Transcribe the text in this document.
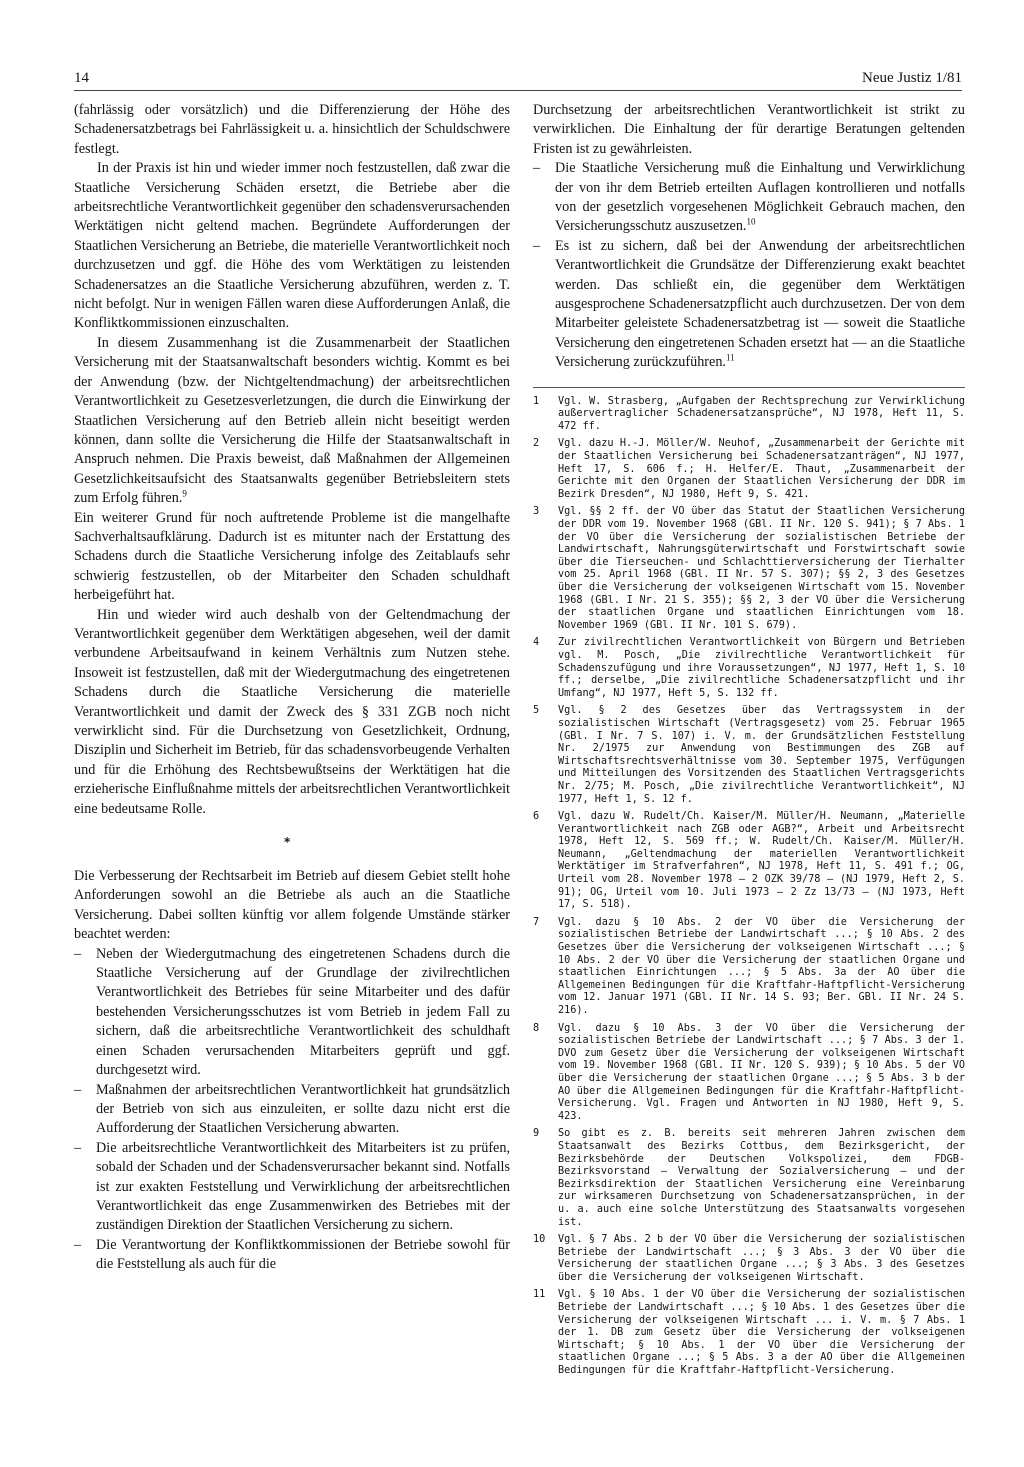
14	Neue Justiz 1/81

(fahrlässig oder vorsätzlich) und die Differenzierung der Höhe des Schadenersatzbetrags bei Fahrlässigkeit u. a. hinsichtlich der Schuldschwere festlegt.

In der Praxis ist hin und wieder immer noch festzustellen, daß zwar die Staatliche Versicherung Schäden ersetzt, die Betriebe aber die arbeitsrechtliche Verantwortlichkeit gegenüber den schadensverursachenden Werktätigen nicht geltend machen. Begründete Aufforderungen der Staatlichen Versicherung an Betriebe, die materielle Verantwortlichkeit noch durchzusetzen und ggf. die Höhe des vom Werktätigen zu leistenden Schadenersatzes an die Staatliche Versicherung abzuführen, werden z. T. nicht befolgt. Nur in wenigen Fällen waren diese Aufforderungen Anlaß, die Konfliktkommissionen einzuschalten.

In diesem Zusammenhang ist die Zusammenarbeit der Staatlichen Versicherung mit der Staatsanwaltschaft besonders wichtig. Kommt es bei der Anwendung (bzw. der Nichtgeltendmachung) der arbeitsrechtlichen Verantwortlichkeit zu Gesetzesverletzungen, die durch die Einwirkung der Staatlichen Versicherung auf den Betrieb allein nicht beseitigt werden können, dann sollte die Versicherung die Hilfe der Staatsanwaltschaft in Anspruch nehmen. Die Praxis beweist, daß Maßnahmen der Allgemeinen Gesetzlichkeitsaufsicht des Staatsanwalts gegenüber Betriebsleitern stets zum Erfolg führen.$^9$

Ein weiterer Grund für noch auftretende Probleme ist die mangelhafte Sachverhaltsaufklärung. Dadurch ist es mitunter nach der Erstattung des Schadens durch die Staatliche Versicherung infolge des Zeitablaufs sehr schwierig festzustellen, ob der Mitarbeiter den Schaden schuldhaft herbeigeführt hat.

Hin und wieder wird auch deshalb von der Geltendmachung der Verantwortlichkeit gegenüber dem Werktätigen abgesehen, weil der damit verbundene Arbeitsaufwand in keinem Verhältnis zum Nutzen stehe. Insoweit ist festzustellen, daß mit der Wiedergutmachung des eingetretenen Schadens durch die Staatliche Versicherung die materielle Verantwortlichkeit und damit der Zweck des § 331 ZGB noch nicht verwirklicht sind. Für die Durchsetzung von Gesetzlichkeit, Ordnung, Disziplin und Sicherheit im Betrieb, für das schadensvorbeugende Verhalten und für die Erhöhung des Rechtsbewußtseins der Werktätigen hat die erzieherische Einflußnahme mittels der arbeitsrechtlichen Verantwortlichkeit eine bedeutsame Rolle.

*

Die Verbesserung der Rechtsarbeit im Betrieb auf diesem Gebiet stellt hohe Anforderungen sowohl an die Betriebe als auch an die Staatliche Versicherung. Dabei sollten künftig vor allem folgende Umstände stärker beachtet werden:

– Neben der Wiedergutmachung des eingetretenen Schadens durch die Staatliche Versicherung auf der Grundlage der zivilrechtlichen Verantwortlichkeit des Betriebes für seine Mitarbeiter und des dafür bestehenden Versicherungsschutzes ist vom Betrieb in jedem Fall zu sichern, daß die arbeitsrechtliche Verantwortlichkeit des schuldhaft einen Schaden verursachenden Mitarbeiters geprüft und ggf. durchgesetzt wird.
– Maßnahmen der arbeitsrechtlichen Verantwortlichkeit hat grundsätzlich der Betrieb von sich aus einzuleiten, er sollte dazu nicht erst die Aufforderung der Staatlichen Versicherung abwarten.
– Die arbeitsrechtliche Verantwortlichkeit des Mitarbeiters ist zu prüfen, sobald der Schaden und der Schadensverursacher bekannt sind. Notfalls ist zur exakten Feststellung und Verwirklichung der arbeitsrechtlichen Verantwortlichkeit das enge Zusammenwirken des Betriebes mit der zuständigen Direktion der Staatlichen Versicherung zu sichern.
– Die Verantwortung der Konfliktkommissionen der Betriebe sowohl für die Feststellung als auch für die

Durchsetzung der arbeitsrechtlichen Verantwortlichkeit ist strikt zu verwirklichen. Die Einhaltung der für derartige Beratungen geltenden Fristen ist zu gewährleisten.

– Die Staatliche Versicherung muß die Einhaltung und Verwirklichung der von ihr dem Betrieb erteilten Auflagen kontrollieren und notfalls von der gesetzlich vorgesehenen Möglichkeit Gebrauch machen, den Versicherungsschutz auszusetzen.$^{10}$
– Es ist zu sichern, daß bei der Anwendung der arbeitsrechtlichen Verantwortlichkeit die Grundsätze der Differenzierung exakt beachtet werden. Das schließt ein, die gegenüber dem Werktätigen ausgesprochene Schadenersatzpflicht auch durchzusetzen. Der von dem Mitarbeiter geleistete Schadenersatzbetrag ist — soweit die Staatliche Versicherung den eingetretenen Schaden ersetzt hat — an die Staatliche Versicherung zurückzuführen.$^{11}$

1 Vgl. W. Strasberg, „Aufgaben der Rechtsprechung zur Verwirklichung außervertraglicher Schadenersatzansprüche“, NJ 1978, Heft 11, S. 472 ff.

2 Vgl. dazu H.-J. Möller/W. Neuhof, „Zusammenarbeit der Gerichte mit der Staatlichen Versicherung bei Schadenersatzanträgen“, NJ 1977, Heft 17, S. 606 f.; H. Helfer/E. Thaut, „Zusammenarbeit der Gerichte mit den Organen der Staatlichen Versicherung der DDR im Bezirk Dresden“, NJ 1980, Heft 9, S. 421.

3 Vgl. §§ 2 ff. der VO über das Statut der Staatlichen Versicherung der DDR vom 19. November 1968 (GBl. II Nr. 120 S. 941); § 7 Abs. 1 der VO über die Versicherung der sozialistischen Betriebe der Landwirtschaft, Nahrungsgüterwirtschaft und Forstwirtschaft sowie über die Tierseuchen- und Schlachttierversicherung der Tierhalter vom 25. April 1968 (GBl. II Nr. 57 S. 307); §§ 2, 3 des Gesetzes über die Versicherung der volkseigenen Wirtschaft vom 15. November 1968 (GBl. I Nr. 21 S. 355); §§ 2, 3 der VO über die Versicherung der staatlichen Organe und staatlichen Einrichtungen vom 18. November 1969 (GBl. II Nr. 101 S. 679).

4 Zur zivilrechtlichen Verantwortlichkeit von Bürgern und Betrieben vgl. M. Posch, „Die zivilrechtliche Verantwortlichkeit für Schadenszufügung und ihre Voraussetzungen“, NJ 1977, Heft 1, S. 10 ff.; derselbe, „Die zivilrechtliche Schadenersatzpflicht und ihr Umfang“, NJ 1977, Heft 5, S. 132 ff.

5 Vgl. § 2 des Gesetzes über das Vertragssystem in der sozialistischen Wirtschaft (Vertragsgesetz) vom 25. Februar 1965 (GBl. I Nr. 7 S. 107) i. V. m. der Grundsätzlichen Feststellung Nr. 2/1975 zur Anwendung von Bestimmungen des ZGB auf Wirtschaftsrechtsverhältnisse vom 30. September 1975, Verfügungen und Mitteilungen des Vorsitzenden des Staatlichen Vertragsgerichts Nr. 2/75; M. Posch, „Die zivilrechtliche Verantwortlichkeit“, NJ 1977, Heft 1, S. 12 f.

6 Vgl. dazu W. Rudelt/Ch. Kaiser/M. Müller/H. Neumann, „Materielle Verantwortlichkeit nach ZGB oder AGB?“, Arbeit und Arbeitsrecht 1978, Heft 12, S. 569 ff.; W. Rudelt/Ch. Kaiser/M. Müller/H. Neumann, „Geltendmachung der materiellen Verantwortlichkeit Werktätiger im Strafverfahren“, NJ 1978, Heft 11, S. 491 f.; OG, Urteil vom 28. November 1978 — 2 OZK 39/78 — (NJ 1979, Heft 2, S. 91); OG, Urteil vom 10. Juli 1973 — 2 Zz 13/73 — (NJ 1973, Heft 17, S. 518).

7 Vgl. dazu § 10 Abs. 2 der VO über die Versicherung der sozialistischen Betriebe der Landwirtschaft ...; § 10 Abs. 2 des Gesetzes über die Versicherung der volkseigenen Wirtschaft ...; § 10 Abs. 2 der VO über die Versicherung der staatlichen Organe und staatlichen Einrichtungen ...; § 5 Abs. 3a der AO über die Allgemeinen Bedingungen für die Kraftfahr-Haftpflicht-Versicherung vom 12. Januar 1971 (GBl. II Nr. 14 S. 93; Ber. GBl. II Nr. 24 S. 216).

8 Vgl. dazu § 10 Abs. 3 der VO über die Versicherung der sozialistischen Betriebe der Landwirtschaft ...; § 7 Abs. 3 der 1. DVO zum Gesetz über die Versicherung der volkseigenen Wirtschaft vom 19. November 1968 (GBl. II Nr. 120 S. 939); § 10 Abs. 5 der VO über die Versicherung der staatlichen Organe ...; § 5 Abs. 3 b der AO über die Allgemeinen Bedingungen für die Kraftfahr-Haftpflicht-Versicherung. Vgl. Fragen und Antworten in NJ 1980, Heft 9, S. 423.

9 So gibt es z. B. bereits seit mehreren Jahren zwischen dem Staatsanwalt des Bezirks Cottbus, dem Bezirksgericht, der Bezirksbehörde der Deutschen Volkspolizei, dem FDGB-Bezirksvorstand — Verwaltung der Sozialversicherung — und der Bezirksdirektion der Staatlichen Versicherung eine Vereinbarung zur wirksameren Durchsetzung von Schadenersatzansprüchen, in der u. a. auch eine solche Unterstützung des Staatsanwalts vorgesehen ist.

10 Vgl. § 7 Abs. 2 b der VO über die Versicherung der sozialistischen Betriebe der Landwirtschaft ...; § 3 Abs. 3 der VO über die Versicherung der staatlichen Organe ...; § 3 Abs. 3 des Gesetzes über die Versicherung der volkseigenen Wirtschaft.

11 Vgl. § 10 Abs. 1 der VO über die Versicherung der sozialistischen Betriebe der Landwirtschaft ...; § 10 Abs. 1 des Gesetzes über die Versicherung der volkseigenen Wirtschaft ... i. V. m. § 7 Abs. 1 der 1. DB zum Gesetz über die Versicherung der volkseigenen Wirtschaft; § 10 Abs. 1 der VO über die Versicherung der staatlichen Organe ...; § 5 Abs. 3 a der AO über die Allgemeinen Bedingungen für die Kraftfahr-Haftpflicht-Versicherung.
